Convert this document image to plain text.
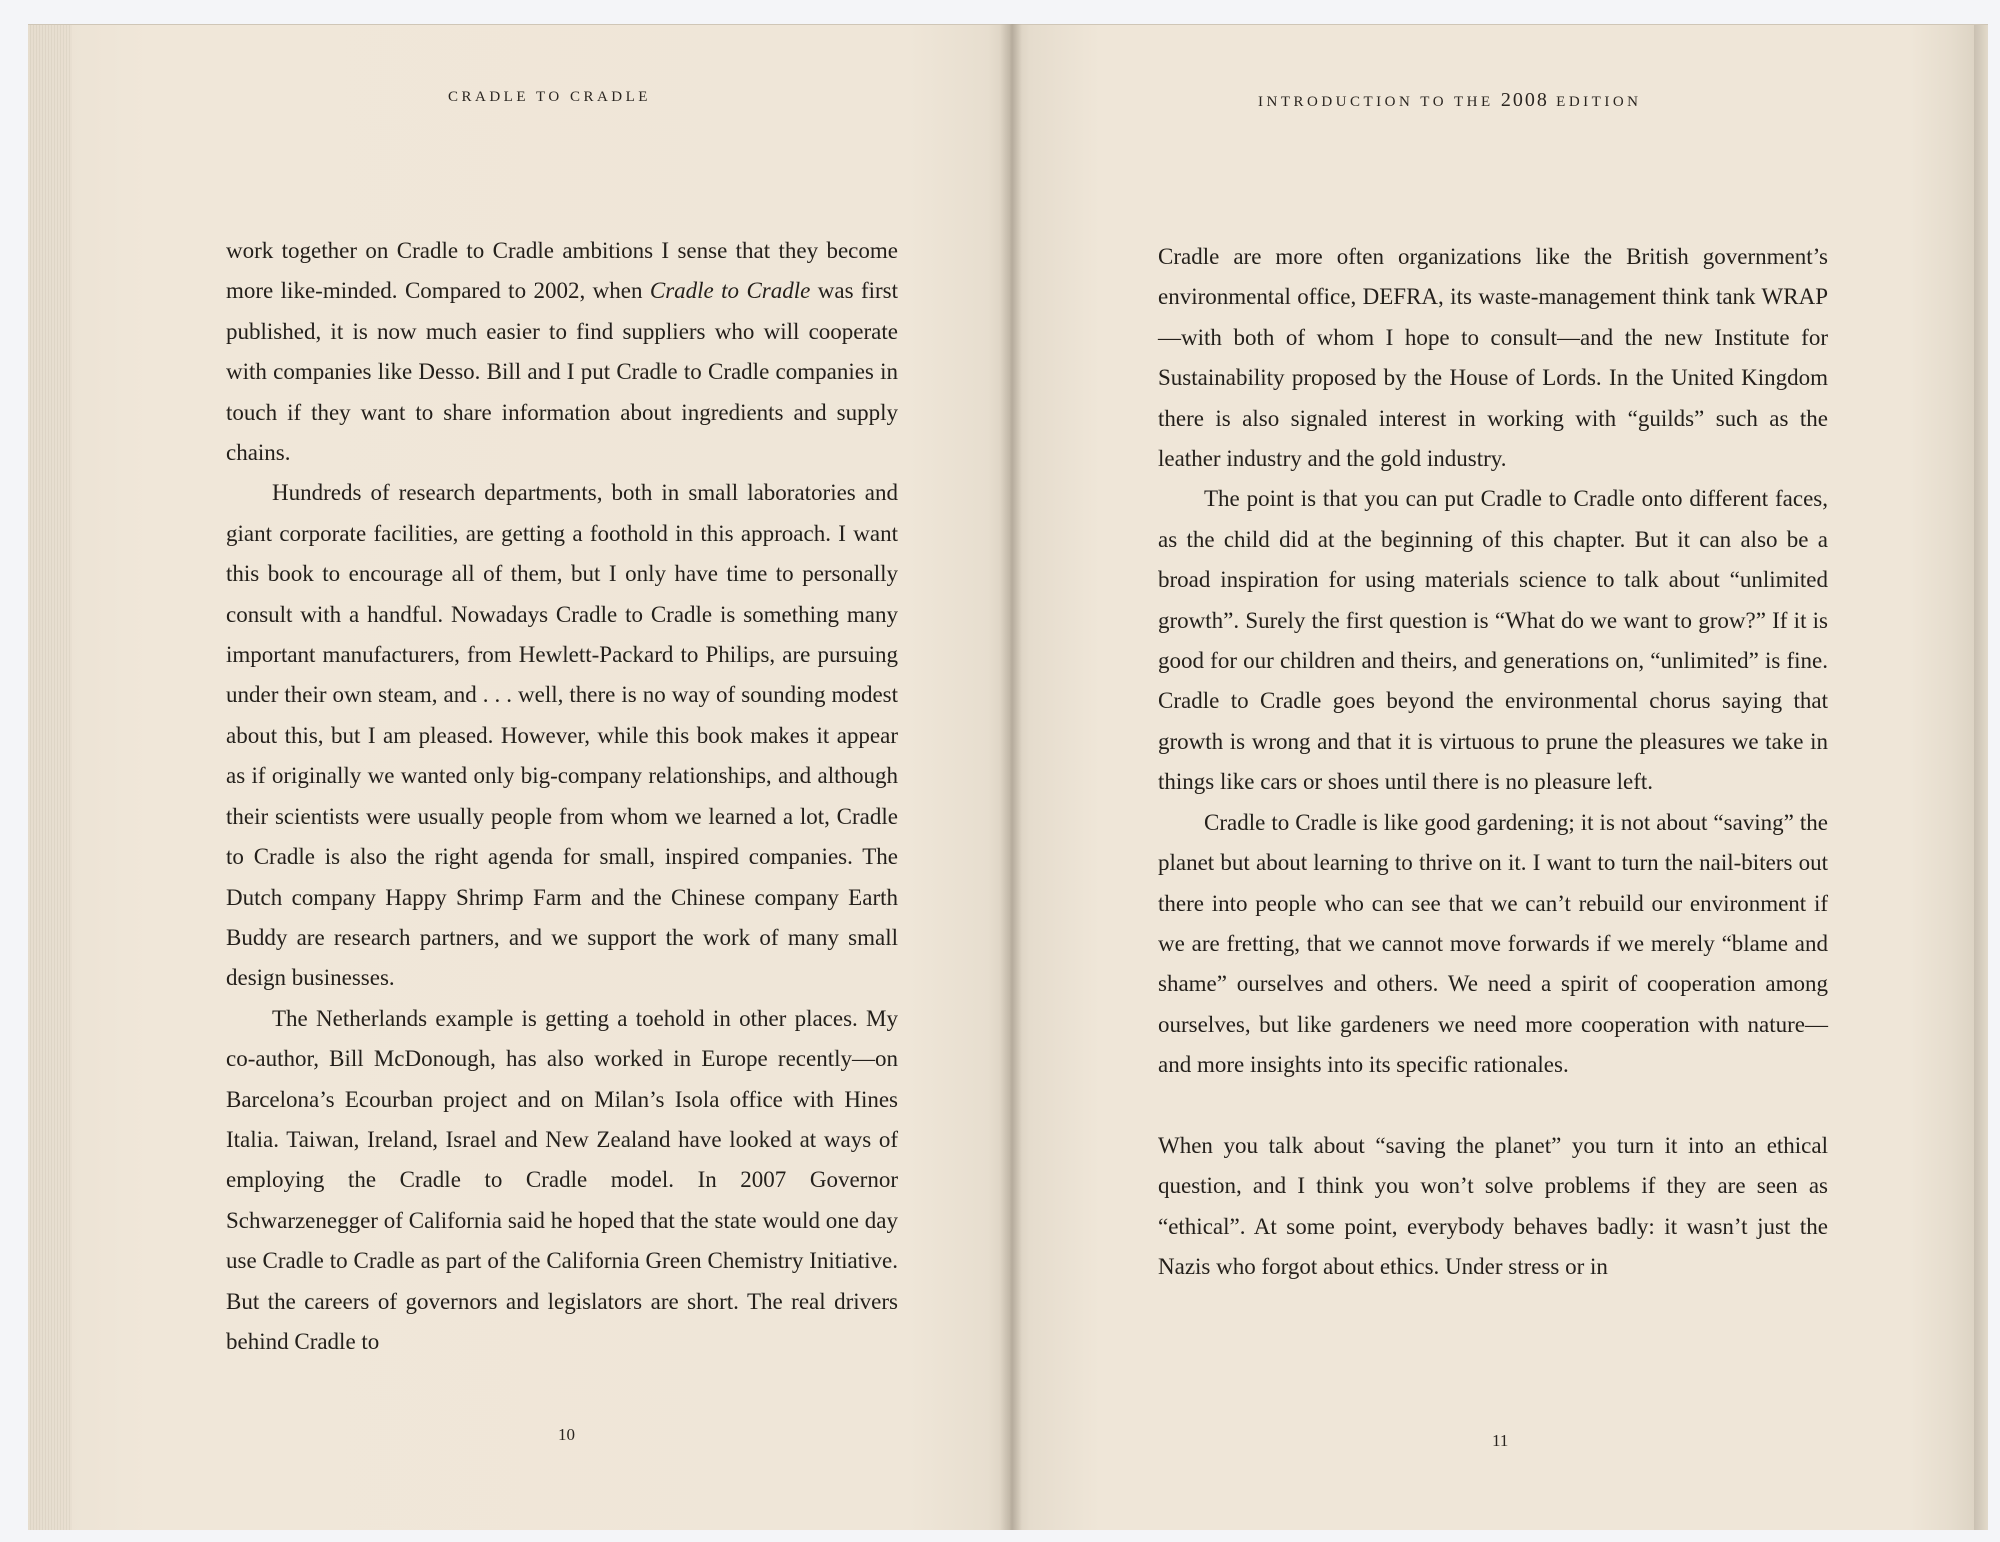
CRADLE TO CRADLE

work together on Cradle to Cradle ambitions I sense that they become more like-minded. Compared to 2002, when Cradle to Cradle was first published, it is now much easier to find suppliers who will cooperate with companies like Desso. Bill and I put Cradle to Cradle companies in touch if they want to share information about ingredients and supply chains.

Hundreds of research departments, both in small laboratories and giant corporate facilities, are getting a foothold in this approach. I want this book to encourage all of them, but I only have time to personally consult with a handful. Nowadays Cradle to Cradle is something many important manufacturers, from Hewlett-Packard to Philips, are pursuing under their own steam, and . . . well, there is no way of sounding modest about this, but I am pleased. However, while this book makes it appear as if originally we wanted only big-company relationships, and although their scientists were usually people from whom we learned a lot, Cradle to Cradle is also the right agenda for small, inspired companies. The Dutch company Happy Shrimp Farm and the Chinese company Earth Buddy are research partners, and we support the work of many small design businesses.

The Netherlands example is getting a toehold in other places. My co-author, Bill McDonough, has also worked in Europe recently—on Barcelona’s Ecourban project and on Milan’s Isola office with Hines Italia. Taiwan, Ireland, Israel and New Zealand have looked at ways of employing the Cradle to Cradle model. In 2007 Governor Schwarzenegger of California said he hoped that the state would one day use Cradle to Cradle as part of the California Green Chemistry Initiative. But the careers of governors and legislators are short. The real drivers behind Cradle to

10
INTRODUCTION TO THE 2008 EDITION

Cradle are more often organizations like the British government’s environmental office, DEFRA, its waste-management think tank WRAP—with both of whom I hope to consult—and the new Institute for Sustainability proposed by the House of Lords. In the United Kingdom there is also signaled interest in working with “guilds” such as the leather industry and the gold industry.

The point is that you can put Cradle to Cradle onto different faces, as the child did at the beginning of this chapter. But it can also be a broad inspiration for using materials science to talk about “unlimited growth”. Surely the first question is “What do we want to grow?” If it is good for our children and theirs, and generations on, “unlimited” is fine. Cradle to Cradle goes beyond the environmental chorus saying that growth is wrong and that it is virtuous to prune the pleasures we take in things like cars or shoes until there is no pleasure left.

Cradle to Cradle is like good gardening; it is not about “saving” the planet but about learning to thrive on it. I want to turn the nail-biters out there into people who can see that we can’t rebuild our environment if we are fretting, that we cannot move forwards if we merely “blame and shame” ourselves and others. We need a spirit of cooperation among ourselves, but like gardeners we need more cooperation with nature—and more insights into its specific rationales.

When you talk about “saving the planet” you turn it into an ethical question, and I think you won’t solve problems if they are seen as “ethical”. At some point, everybody behaves badly: it wasn’t just the Nazis who forgot about ethics. Under stress or in

11
